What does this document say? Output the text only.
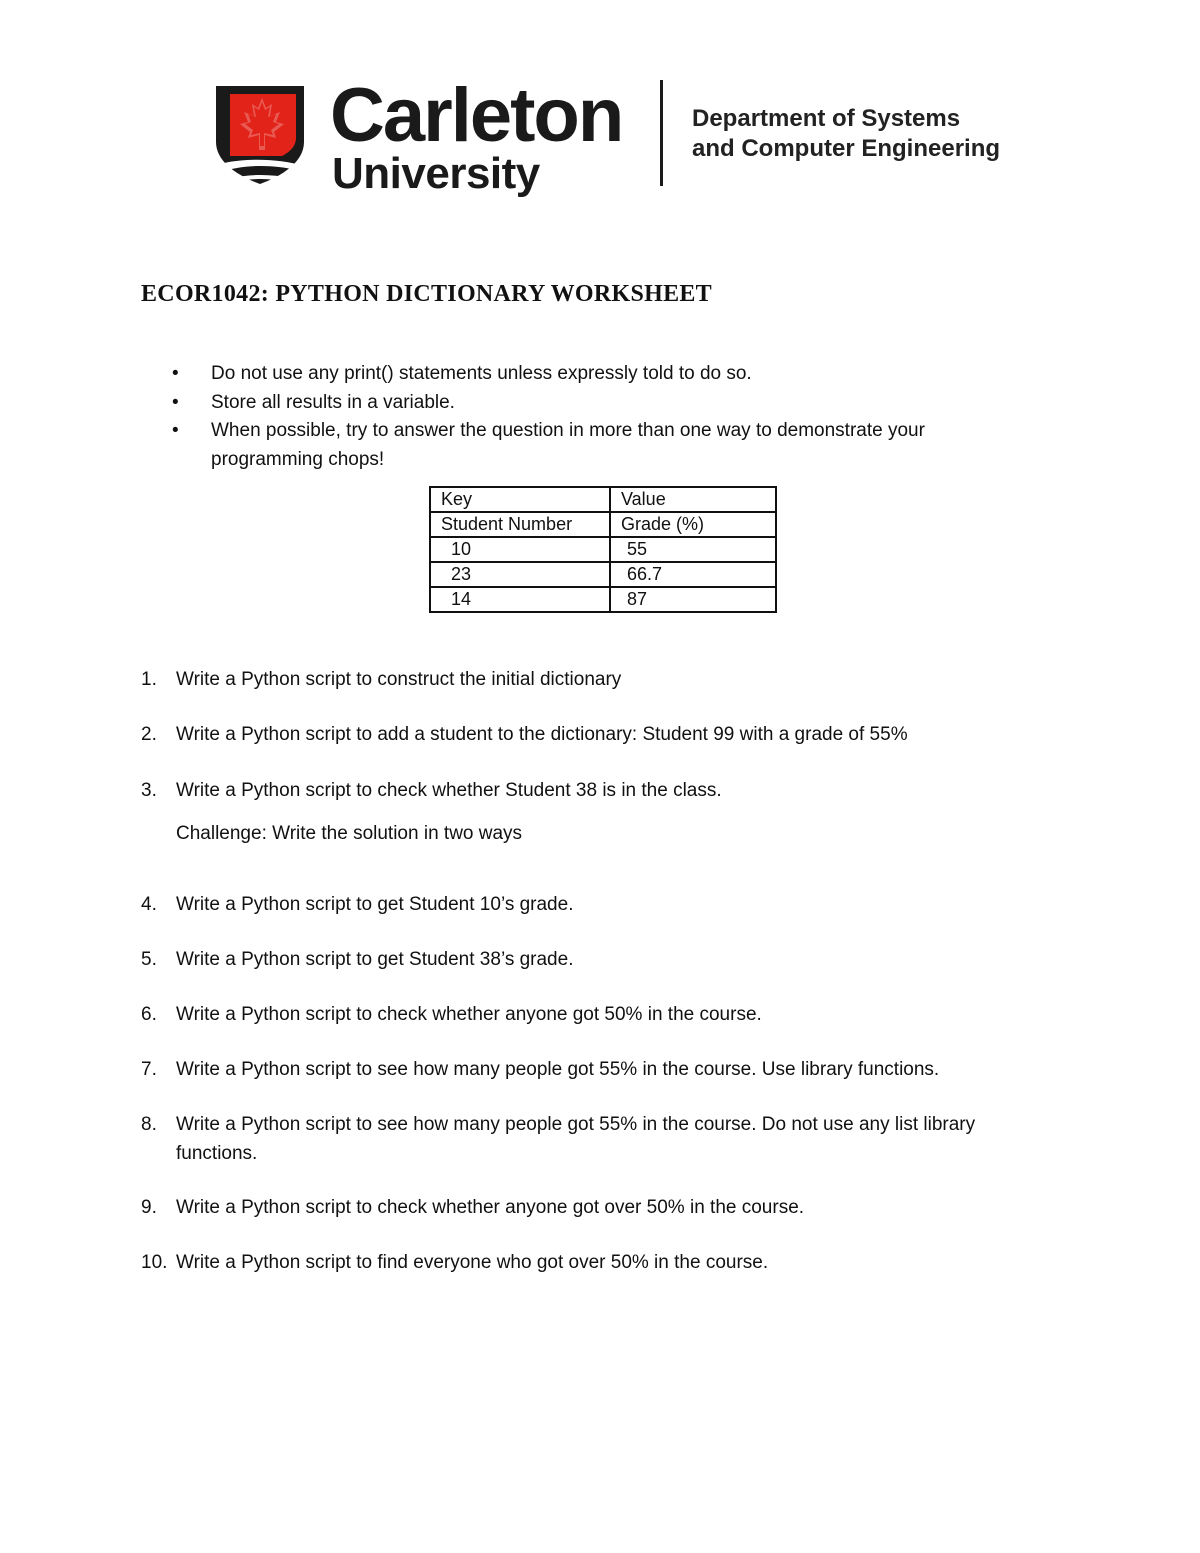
Carleton
University
Department of Systems
and Computer Engineering
ECOR1042: PYTHON DICTIONARY WORKSHEET
• Do not use any print() statements unless expressly told to do so.
• Store all results in a variable.
• When possible, try to answer the question in more than one way to demonstrate your programming chops!
Key	Value
Student Number	Grade (%)
10	55
23	66.7
14	87
1. Write a Python script to construct the initial dictionary
2. Write a Python script to add a student to the dictionary: Student 99 with a grade of 55%
3. Write a Python script to check whether Student 38 is in the class.
4. Write a Python script to get Student 10’s grade.
5. Write a Python script to get Student 38’s grade.
6. Write a Python script to check whether anyone got 50% in the course.
7. Write a Python script to see how many people got 55% in the course. Use library functions.
8. Write a Python script to see how many people got 55% in the course. Do not use any list library functions.
9. Write a Python script to check whether anyone got over 50% in the course.
10. Write a Python script to find everyone who got over 50% in the course.
Challenge: Write the solution in two ways
